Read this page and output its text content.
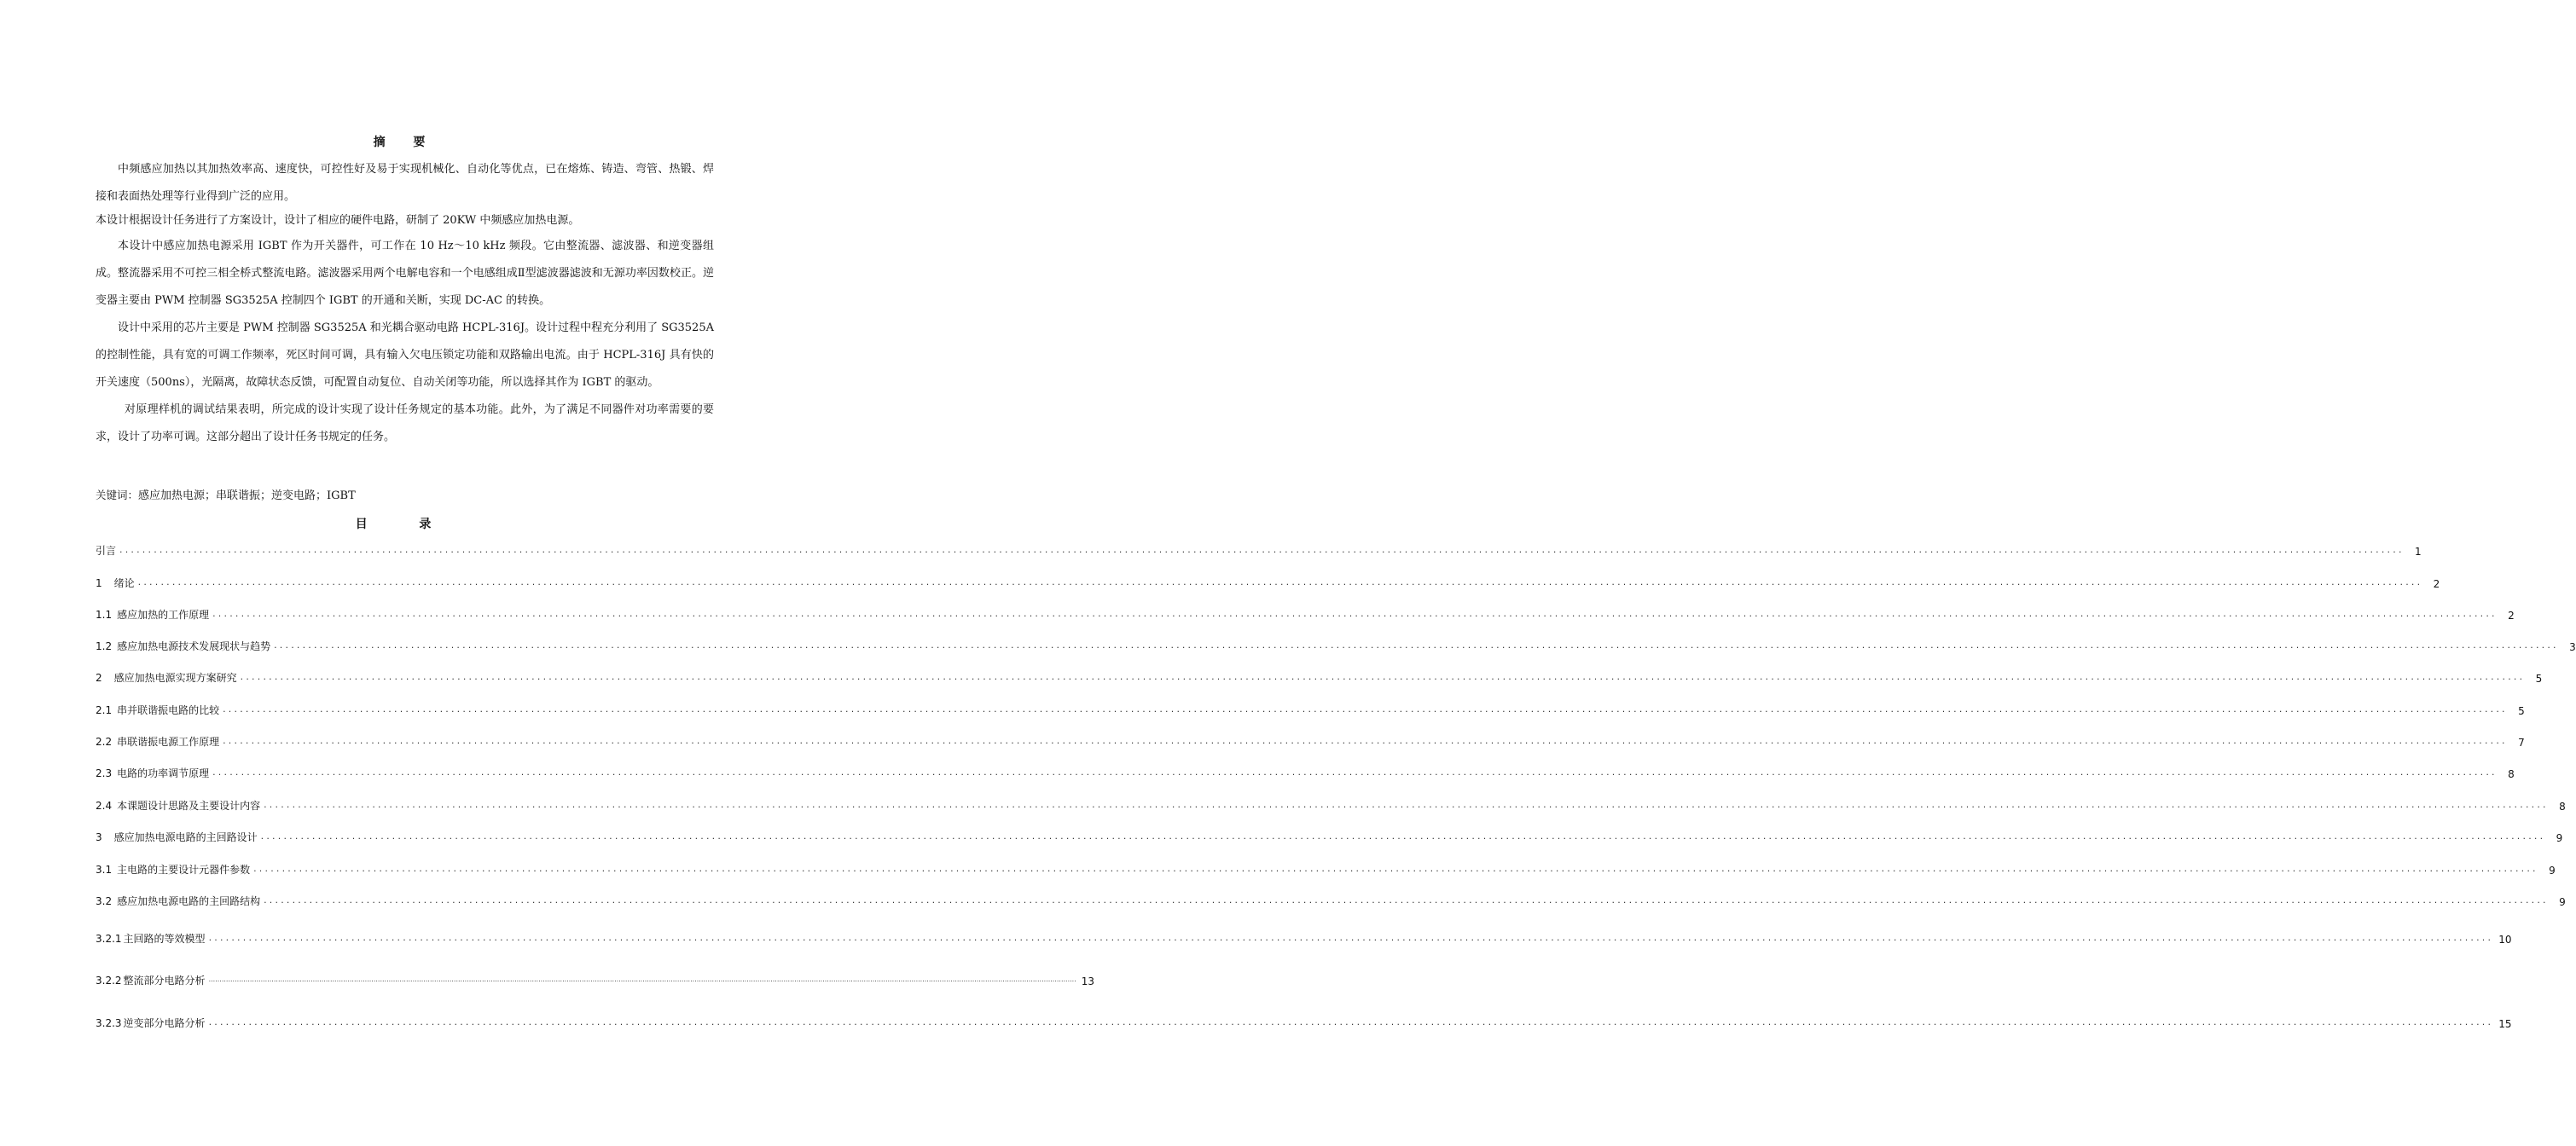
摘 要

中频感应加热以其加热效率高、速度快，可控性好及易于实现机械化、自动化等优点，已在熔炼、铸造、弯管、热锻、焊接和表面热处理等行业得到广泛的应用。

本设计根据设计任务进行了方案设计，设计了相应的硬件电路，研制了 20KW 中频感应加热电源。

本设计中感应加热电源采用 IGBT 作为开关器件，可工作在 10 Hz～10 kHz 频段。它由整流器、滤波器、和逆变器组成。整流器采用不可控三相全桥式整流电路。滤波器采用两个电解电容和一个电感组成Ⅱ型滤波器滤波和无源功率因数校正。逆变器主要由 PWM 控制器 SG3525A 控制四个 IGBT 的开通和关断，实现 DC-AC 的转换。

设计中采用的芯片主要是 PWM 控制器 SG3525A 和光耦合驱动电路 HCPL-316J。设计过程中程充分利用了 SG3525A 的控制性能，具有宽的可调工作频率，死区时间可调，具有输入欠电压锁定功能和双路输出电流。由于 HCPL-316J 具有快的开关速度（500ns），光隔离，故障状态反馈，可配置自动复位、自动关闭等功能，所以选择其作为 IGBT 的驱动。

对原理样机的调试结果表明，所完成的设计实现了设计任务规定的基本功能。此外，为了满足不同器件对功率需要的要求，设计了功率可调。这部分超出了设计任务书规定的任务。

关键词：感应加热电源；串联谐振；逆变电路；IGBT
目 录
引言 ................................................................................................................................................................................................................................................................................................................................................................................................................	1
1 绪论 ................................................................................................................................................................................................................................................................................................................................................................................................................	2
1.1 感应加热的工作原理 ................................................................................................................................................................................................................................................................................................................................................................................................................	2
1.2 感应加热电源技术发展现状与趋势 ................................................................................................................................................................................................................................................................................................................................................................................................................	3
2 感应加热电源实现方案研究 ................................................................................................................................................................................................................................................................................................................................................................................................................	5
2.1 串并联谐振电路的比较 ................................................................................................................................................................................................................................................................................................................................................................................................................	5
2.2 串联谐振电源工作原理 ................................................................................................................................................................................................................................................................................................................................................................................................................	7
2.3 电路的功率调节原理 ................................................................................................................................................................................................................................................................................................................................................................................................................	8
2.4 本课题设计思路及主要设计内容 ................................................................................................................................................................................................................................................................................................................................................................................................................	8
3 感应加热电源电路的主回路设计 ................................................................................................................................................................................................................................................................................................................................................................................................................	9
3.1 主电路的主要设计元器件参数 ................................................................................................................................................................................................................................................................................................................................................................................................................	9
3.2 感应加热电源电路的主回路结构 ................................................................................................................................................................................................................................................................................................................................................................................................................	9
3.2.1 主回路的等效模型 ................................................................................................................................................................................................................................................................................................................................................................................................................ 10
3.2.2 整流部分电路分析 ................................................................................................................................................................................................................................................................................................................................................................................................................ 13
3.2.3 逆变部分电路分析 ................................................................................................................................................................................................................................................................................................................................................................................................................ 15
